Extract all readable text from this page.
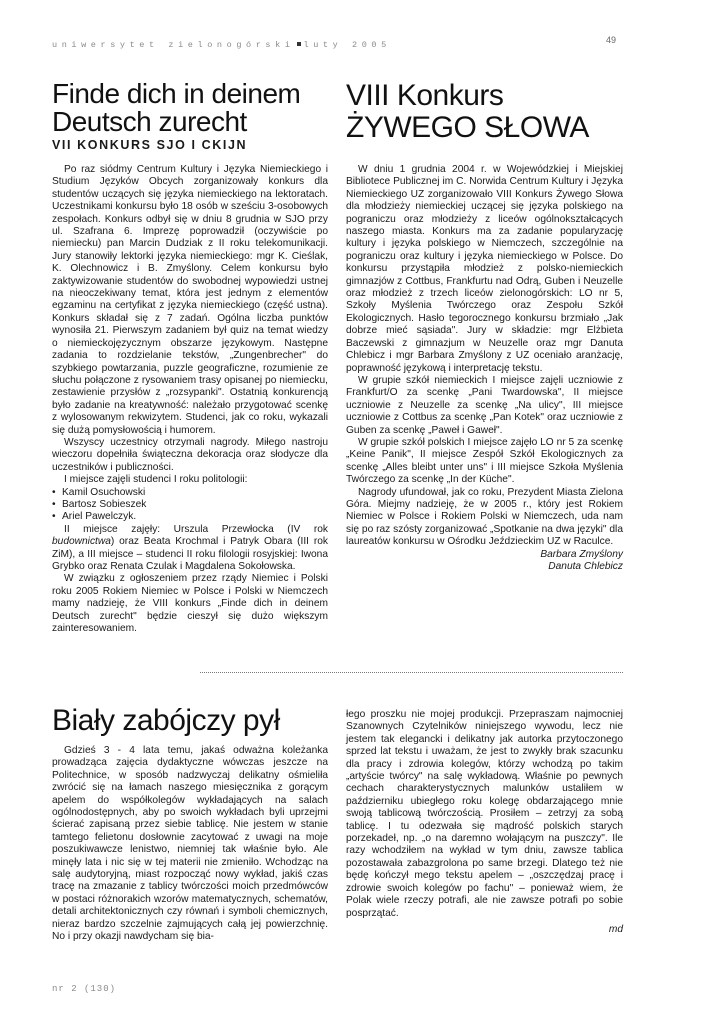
uniwersytet zielonogórski luty 2005	49
Finde dich in deinem Deutsch zurecht
VII KONKURS SJO I CKIJN

Po raz siódmy Centrum Kultury i Języka Niemieckiego i Studium Języków Obcych zorganizowały konkurs dla studentów uczących się języka niemieckiego na lektoratach. Uczestnikami konkursu było 18 osób w sześciu 3-osobowych zespołach. Konkurs odbył się w dniu 8 grudnia w SJO przy ul. Szafrana 6. Imprezę poprowadził (oczywiście po niemiecku) pan Marcin Dudziak z II roku telekomunikacji. Jury stanowiły lektorki języka niemieckiego: mgr K. Cieślak, K. Olechnowicz i B. Zmyślony. Celem konkursu było zaktywizowanie studentów do swobodnej wypowiedzi ustnej na nieoczekiwany temat, która jest jednym z elementów egzaminu na certyfikat z języka niemieckiego (część ustna). Konkurs składał się z 7 zadań. Ogólna liczba punktów wynosiła 21. Pierwszym zadaniem był quiz na temat wiedzy o niemieckojęzycznym obszarze językowym. Następne zadania to rozdzielanie tekstów, „Zungenbrecher" do szybkiego powtarzania, puzzle geograficzne, rozumienie ze słuchu połączone z rysowaniem trasy opisanej po niemiecku, zestawienie przysłów z „rozsypanki". Ostatnią konkurencją było zadanie na kreatywność: należało przygotować scenkę z wylosowanym rekwizytem. Studenci, jak co roku, wykazali się dużą pomysłowością i humorem.

Wszyscy uczestnicy otrzymali nagrody. Miłego nastroju wieczoru dopełniła świąteczna dekoracja oraz słodycze dla uczestników i publiczności.

I miejsce zajęli studenci I roku politologii:

• Kamil Osuchowski
• Bartosz Sobieszek
• Ariel Pawelczyk.

II miejsce zajęły: Urszula Przewłocka (IV rok budownictwa) oraz Beata Krochmal i Patryk Obara (III rok ZiM), a III miejsce – studenci II roku filologii rosyjskiej: Iwona Grybko oraz Renata Czulak i Magdalena Sokołowska.

W związku z ogłoszeniem przez rządy Niemiec i Polski roku 2005 Rokiem Niemiec w Polsce i Polski w Niemczech mamy nadzieję, że VIII konkurs „Finde dich in deinem Deutsch zurecht" będzie cieszył się dużo większym zainteresowaniem.

VIII Konkurs
ŻYWEGO SŁOWA

W dniu 1 grudnia 2004 r. w Wojewódzkiej i Miejskiej Bibliotece Publicznej im C. Norwida Centrum Kultury i Języka Niemieckiego UZ zorganizowało VIII Konkurs Żywego Słowa dla młodzieży niemieckiej uczącej się języka polskiego na pograniczu oraz młodzieży z liceów ogólnokształcących naszego miasta. Konkurs ma za zadanie popularyzację kultury i języka polskiego w Niemczech, szczególnie na pograniczu oraz kultury i języka niemieckiego w Polsce. Do konkursu przystąpiła młodzież z polsko-niemieckich gimnazjów z Cottbus, Frankfurtu nad Odrą, Guben i Neuzelle oraz młodzież z trzech liceów zielonogórskich: LO nr 5, Szkoły Myślenia Twórczego oraz Zespołu Szkół Ekologicznych. Hasło tegorocznego konkursu brzmiało „Jak dobrze mieć sąsiada". Jury w składzie: mgr Elżbieta Baczewski z gimnazjum w Neuzelle oraz mgr Danuta Chlebicz i mgr Barbara Zmyślony z UZ oceniało aranżację, poprawność językową i interpretację tekstu.

W grupie szkół niemieckich I miejsce zajęli uczniowie z Frankfurt/O za scenkę „Pani Twardowska", II miejsce uczniowie z Neuzelle za scenkę „Na ulicy", III miejsce uczniowie z Cottbus za scenkę „Pan Kotek" oraz uczniowie z Guben za scenkę „Paweł i Gaweł".

W grupie szkół polskich I miejsce zajęło LO nr 5 za scenkę „Keine Panik", II miejsce Zespół Szkół Ekologicznych za scenkę „Alles bleibt unter uns" i III miejsce Szkoła Myślenia Twórczego za scenkę „In der Küche".

Nagrody ufundował, jak co roku, Prezydent Miasta Zielona Góra. Miejmy nadzieję, że w 2005 r., który jest Rokiem Niemiec w Polsce i Rokiem Polski w Niemczech, uda nam się po raz szósty zorganizować „Spotkanie na dwa języki" dla laureatów konkursu w Ośrodku Jeździeckim UZ w Raculce.

Barbara Zmyślony

Danuta Chlebicz

Biały zabójczy pył

Gdzieś 3 - 4 lata temu, jakaś odważna koleżanka prowadząca zajęcia dydaktyczne wówczas jeszcze na Politechnice, w sposób nadzwyczaj delikatny ośmieliła zwrócić się na łamach naszego miesięcznika z gorącym apelem do współkolegów wykładających na salach ogólnodostępnych, aby po swoich wykładach byli uprzejmi ścierać zapisaną przez siebie tablicę. Nie jestem w stanie tamtego felietonu dosłownie zacytować z uwagi na moje poszukiwawcze lenistwo, niemniej tak właśnie było. Ale minęły lata i nic się w tej materii nie zmieniło. Wchodząc na salę audytoryjną, miast rozpocząć nowy wykład, jakiś czas tracę na zmazanie z tablicy twórczości moich przedmówców w postaci różnorakich wzorów matematycznych, schematów, detali architektonicznych czy równań i symboli chemicznych, nieraz bardzo szczelnie zajmujących całą jej powierzchnię. No i przy okazji nawdycham się bia-

łego proszku nie mojej produkcji. Przepraszam najmocniej Szanownych Czytelników niniejszego wywodu, lecz nie jestem tak elegancki i delikatny jak autorka przytoczonego sprzed lat tekstu i uważam, że jest to zwykły brak szacunku dla pracy i zdrowia kolegów, którzy wchodzą po takim „artyście twórcy" na salę wykładową. Właśnie po pewnych cechach charakterystycznych malunków ustaliłem w październiku ubiegłego roku kolegę obdarzającego mnie swoją tablicową twórczością. Prosiłem – zetrzyj za sobą tablicę. I tu odezwała się mądrość polskich starych porzekadeł, np. „o na daremno wołającym na puszczy". Ile razy wchodziłem na wykład w tym dniu, zawsze tablica pozostawała zabazgrolona po same brzegi. Dlatego też nie będę kończył mego tekstu apelem – „oszczędzaj pracę i zdrowie swoich kolegów po fachu" – ponieważ wiem, że Polak wiele rzeczy potrafi, ale nie zawsze potrafi po sobie posprzątać.

md

nr 2 (130)
